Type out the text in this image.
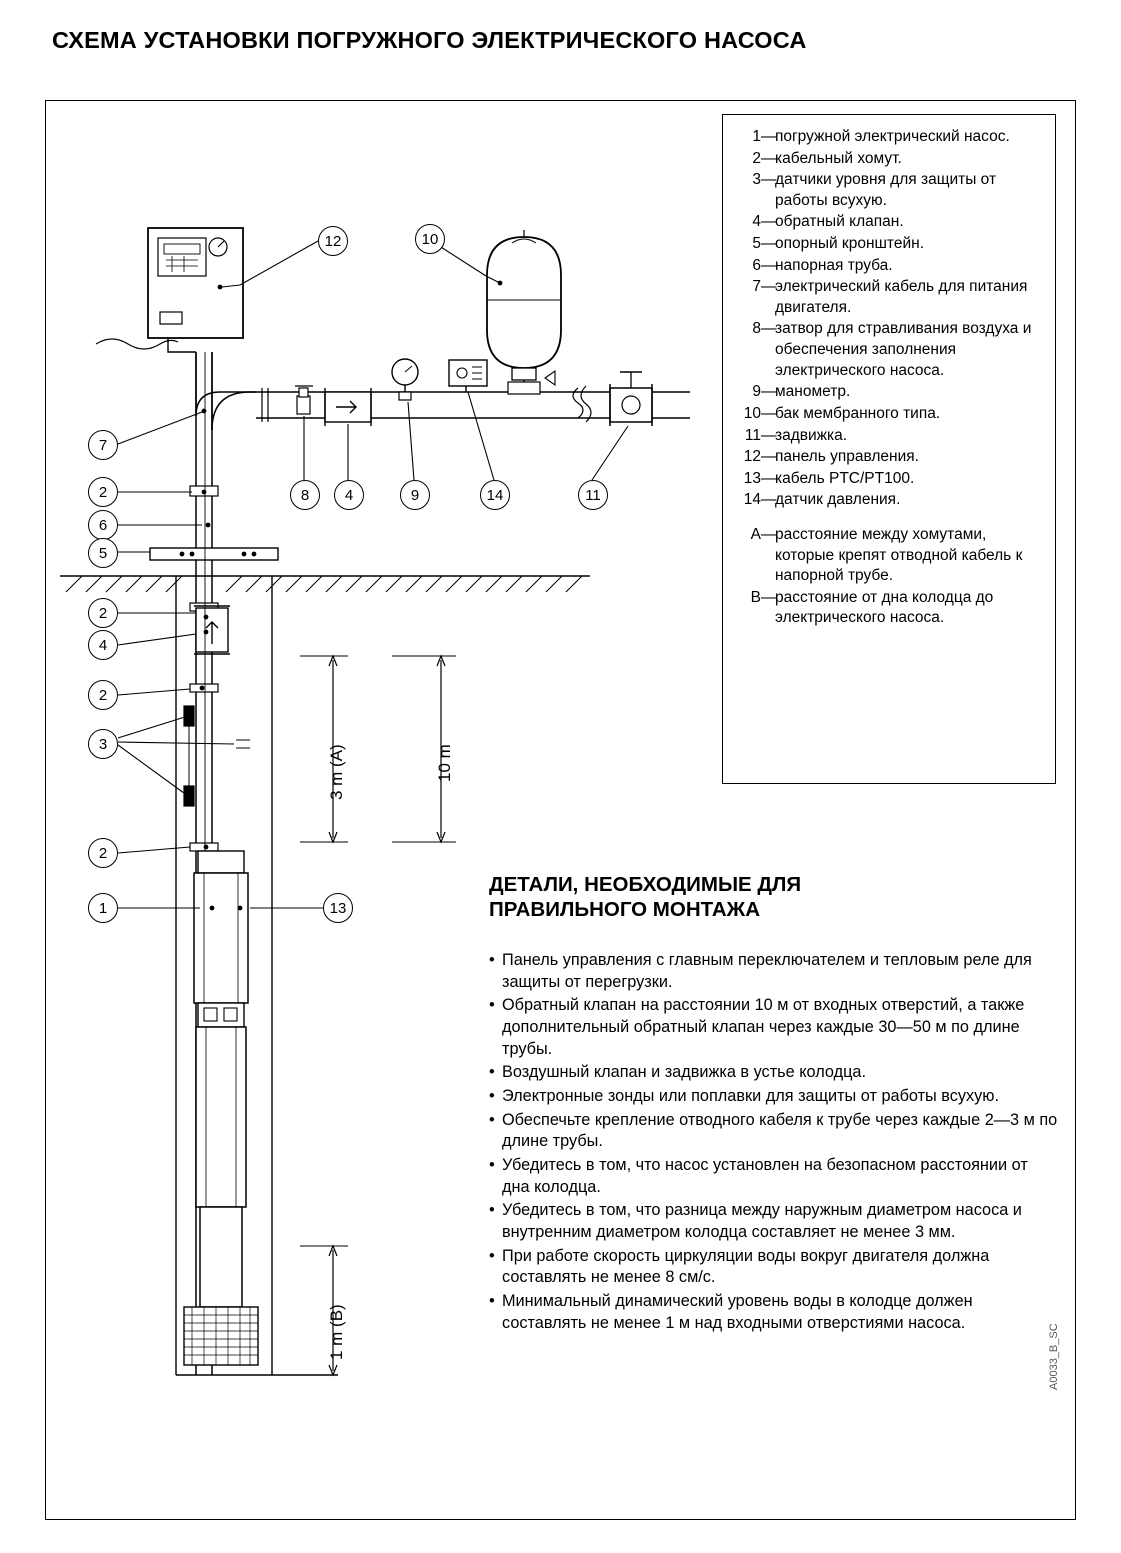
СХЕМА УСТАНОВКИ ПОГРУЖНОГО ЭЛЕКТРИЧЕСКОГО НАСОСА
12	10
7
2
6
5
2
4
2
3
2
1	13
8 4	9	14	11
3 m (A)	10 m
1 m (B)
1 —
погружной электрический насос.
2 —
кабельный хомут.
3 —
датчики уровня для защиты от работы всухую.
4 —
обратный клапан.
5 —
опорный кронштейн.
6 —
напорная труба.
7 —
электрический кабель для питания двигателя.
8 —
затвор для стравливания воздуха и обеспечения заполнения электрического насоса.
9 —
манометр.
10 —
бак мембранного типа.
11 —
задвижка.
12 —
панель управления.
13 —
кабель PTC/PT100.
14 —
датчик давления.
A —
расстояние между хомутами, которые крепят отводной кабель к напорной трубе.
B —
расстояние от дна колодца до электрического насоса.
ДЕТАЛИ, НЕОБХОДИМЫЕ ДЛЯ
ПРАВИЛЬНОГО МОНТАЖА
• Панель управления с главным переключателем и тепловым реле для защиты от перегрузки.
• Обратный клапан на расстоянии 10 м от входных отверстий, а также дополнительный обратный клапан через каждые 30—50 м по длине трубы.
• Воздушный клапан и задвижка в устье колодца.
• Электронные зонды или поплавки для защиты от работы всухую.
• Обеспечьте крепление отводного кабеля к трубе через каждые 2—3 м по длине трубы.
• Убедитесь в том, что насос установлен на безопасном расстоянии от дна колодца.
• Убедитесь в том, что разница между наружным диаметром насоса и внутренним диаметром колодца составляет не менее 3 мм.
• При работе скорость циркуляции воды вокруг двигателя должна составлять не менее 8 см/с.
• Минимальный динамический уровень воды в колодце должен составлять не менее 1 м над входными отверстиями насоса.
A0033_B_SC
